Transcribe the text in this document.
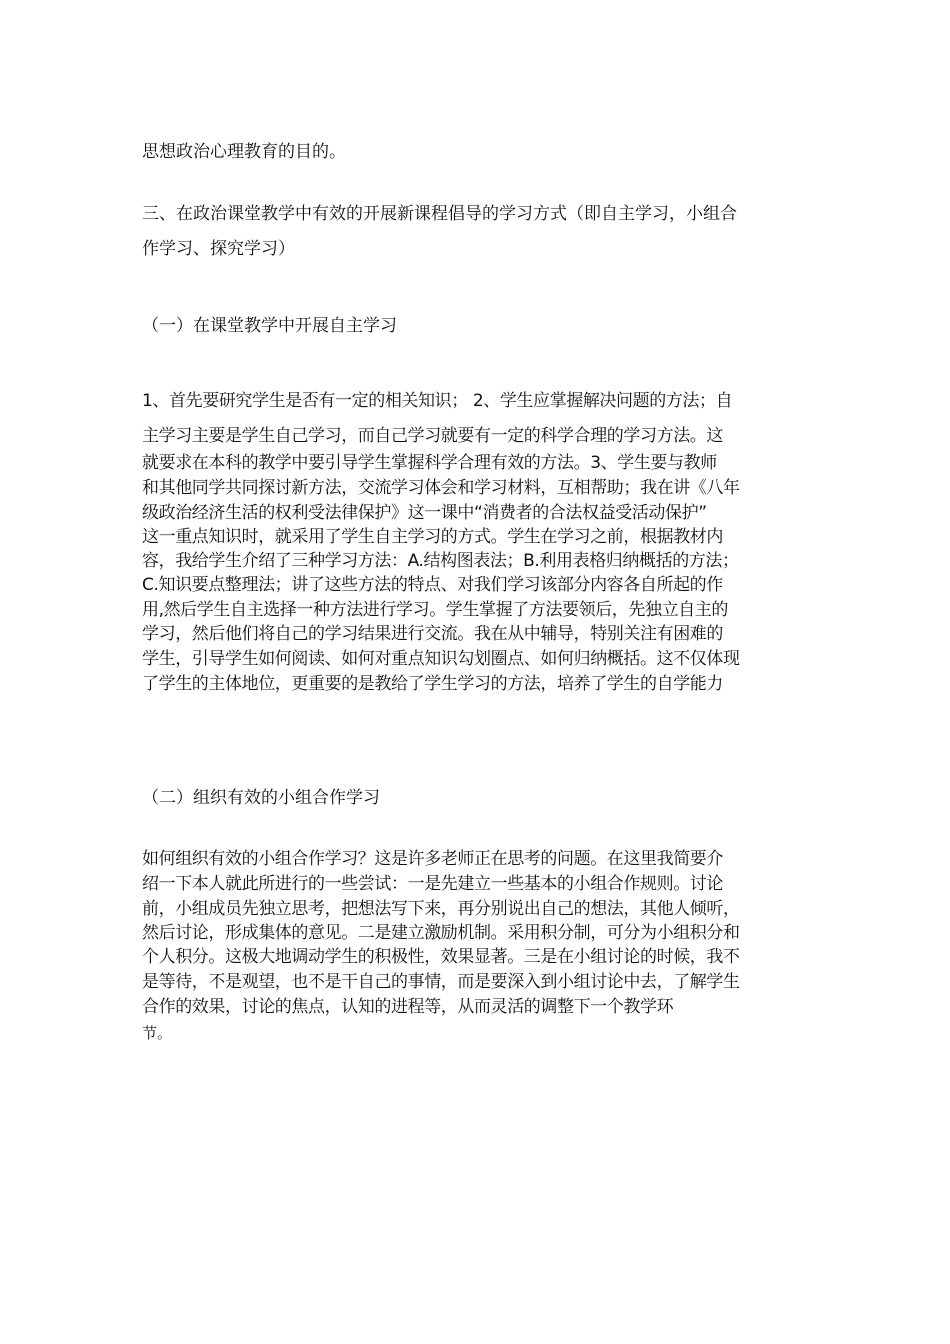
思想政治心理教育的目的。

三、在政治课堂教学中有效的开展新课程倡导的学习方式（即自主学习，小组合

作学习、探究学习）

（一）在课堂教学中开展自主学习

1、首先要研究学生是否有一定的相关知识； 2、学生应掌握解决问题的方法；自

主学习主要是学生自己学习，而自己学习就要有一定的科学合理的学习方法。这

就要求在本科的教学中要引导学生掌握科学合理有效的方法。3、学生要与教师

和其他同学共同探讨新方法，交流学习体会和学习材料，互相帮助；我在讲《八年

级政治经济生活的权利受法律保护》这一课中“消费者的合法权益受活动保护”

这一重点知识时，就采用了学生自主学习的方式。学生在学习之前，根据教材内

容，我给学生介绍了三种学习方法：A.结构图表法；B.利用表格归纳概括的方法；

C.知识要点整理法；讲了这些方法的特点、对我们学习该部分内容各自所起的作

用,然后学生自主选择一种方法进行学习。学生掌握了方法要领后，先独立自主的

学习，然后他们将自己的学习结果进行交流。我在从中辅导，特别关注有困难的

学生，引导学生如何阅读、如何对重点知识勾划圈点、如何归纳概括。这不仅体现

了学生的主体地位，更重要的是教给了学生学习的方法，培养了学生的自学能力

（二）组织有效的小组合作学习

如何组织有效的小组合作学习？这是许多老师正在思考的问题。在这里我简要介

绍一下本人就此所进行的一些尝试：一是先建立一些基本的小组合作规则。讨论

前，小组成员先独立思考，把想法写下来，再分别说出自己的想法，其他人倾听，

然后讨论，形成集体的意见。二是建立激励机制。采用积分制，可分为小组积分和

个人积分。这极大地调动学生的积极性，效果显著。三是在小组讨论的时候，我不

是等待，不是观望，也不是干自己的事情，而是要深入到小组讨论中去，了解学生

合作的效果，讨论的焦点，认知的进程等，从而灵活的调整下一个教学环

节。
